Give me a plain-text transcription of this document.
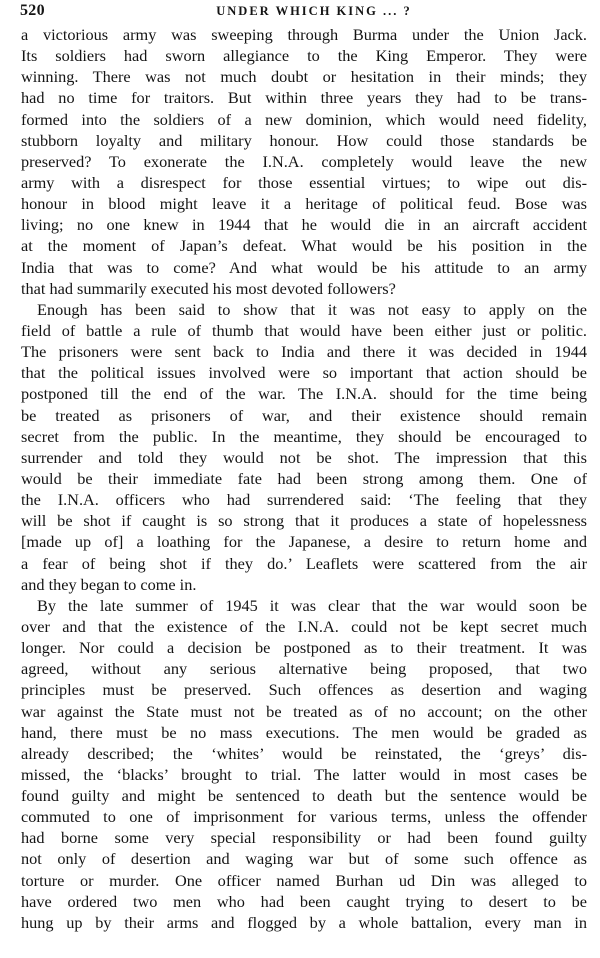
520	UNDER WHICH KING ... ?
a victorious army was sweeping through Burma under the Union Jack.
Its soldiers had sworn allegiance to the King Emperor. They were
winning. There was not much doubt or hesitation in their minds; they
had no time for traitors. But within three years they had to be trans-
formed into the soldiers of a new dominion, which would need fidelity,
stubborn loyalty and military honour. How could those standards be
preserved? To exonerate the I.N.A. completely would leave the new
army with a disrespect for those essential virtues; to wipe out dis-
honour in blood might leave it a heritage of political feud. Bose was
living; no one knew in 1944 that he would die in an aircraft accident
at the moment of Japan’s defeat. What would be his position in the
India that was to come? And what would be his attitude to an army
that had summarily executed his most devoted followers?
Enough has been said to show that it was not easy to apply on the
field of battle a rule of thumb that would have been either just or politic.
The prisoners were sent back to India and there it was decided in 1944
that the political issues involved were so important that action should be
postponed till the end of the war. The I.N.A. should for the time being
be treated as prisoners of war, and their existence should remain
secret from the public. In the meantime, they should be encouraged to
surrender and told they would not be shot. The impression that this
would be their immediate fate had been strong among them. One of
the I.N.A. officers who had surrendered said: ‘The feeling that they
will be shot if caught is so strong that it produces a state of hopelessness
[made up of] a loathing for the Japanese, a desire to return home and
a fear of being shot if they do.’ Leaflets were scattered from the air
and they began to come in.
By the late summer of 1945 it was clear that the war would soon be
over and that the existence of the I.N.A. could not be kept secret much
longer. Nor could a decision be postponed as to their treatment. It was
agreed, without any serious alternative being proposed, that two
principles must be preserved. Such offences as desertion and waging
war against the State must not be treated as of no account; on the other
hand, there must be no mass executions. The men would be graded as
already described; the ‘whites’ would be reinstated, the ‘greys’ dis-
missed, the ‘blacks’ brought to trial. The latter would in most cases be
found guilty and might be sentenced to death but the sentence would be
commuted to one of imprisonment for various terms, unless the offender
had borne some very special responsibility or had been found guilty
not only of desertion and waging war but of some such offence as
torture or murder. One officer named Burhan ud Din was alleged to
have ordered two men who had been caught trying to desert to be
hung up by their arms and flogged by a whole battalion, every man in
